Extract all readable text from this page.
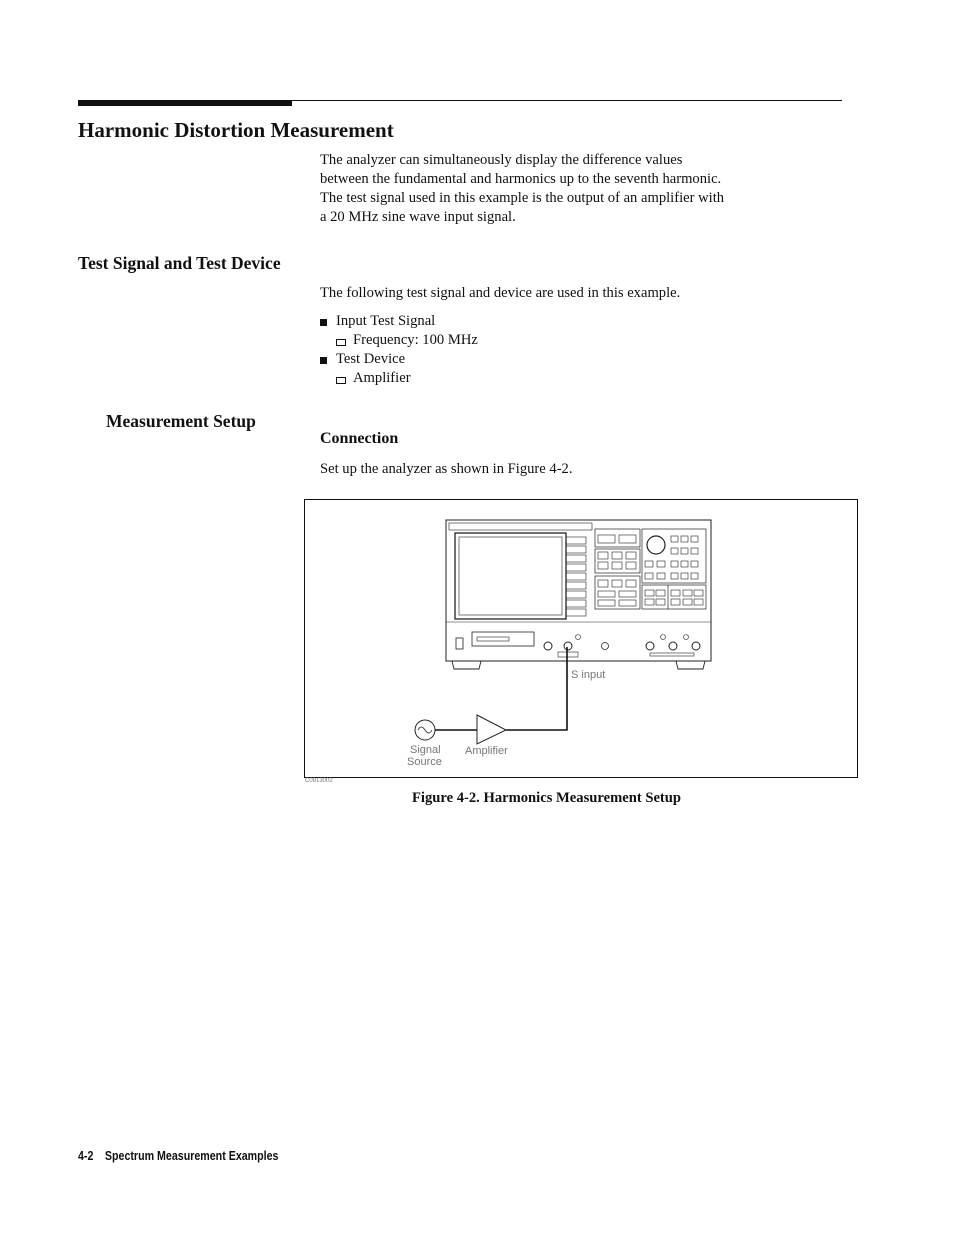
Harmonic Distortion Measurement
The analyzer can simultaneously display the difference values
between the fundamental and harmonics up to the seventh harmonic.
The test signal used in this example is the output of an amplifier with
a 20 MHz sine wave input signal.
Test Signal and Test Device
The following test signal and device are used in this example.
Input Test Signal
Frequency: 100 MHz
Test Device
Amplifier
Measurement Setup
Connection
Set up the analyzer as shown in Figure 4-2.
S input
Signal
Source
Amplifier
C0913002
Figure 4-2. Harmonics Measurement Setup
4-2 Spectrum Measurement Examples
